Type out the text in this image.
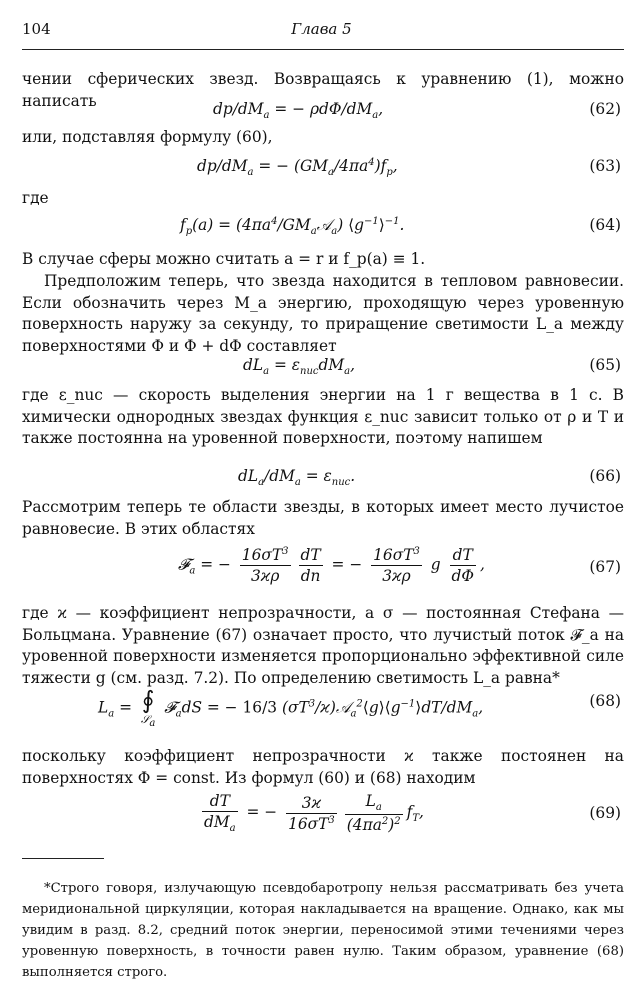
104	Глава 5
чении сферических звезд. Возвращаясь к уравнению (1), можно написать	$dp/dM_a$ = − ρdΦ/$dM_a$,	(62)
или, подставляя формулу (60),
$dp/dM_a$ = − $(GM_a/4\pi a^4)f_p$,	(63)
где
$f_p(a)$ = $(4\pi a^4/GM_a𝒜_a)$ $⟨g^{-1}⟩^{-1}$.	(64)
В случае сферы можно считать a = r и f_p(a) ≡ 1.
Предположим теперь, что звезда находится в тепловом равновесии. Если обозначить через M_a энергию, проходящую через уровенную поверхность наружу за секунду, то приращение светимости L_a между поверхностями Φ и Φ + dΦ составляет
$dL_a = \varepsilon_{nuc}dM_a$,	(65)
где ε_nuc — скорость выделения энергии на 1 г вещества в 1 с. В химически однородных звездах функция ε_nuc зависит только от ρ и T и также постоянна на уровенной поверхности, поэтому напишем
$dL_a/dM_a = \varepsilon_{nuc}$.	(66)
Рассмотрим теперь те области звезды, в которых имеет место лучистое равновесие. В этих областях
𝓕$_a$ = − $\frac{16\sigma T^3}{3ϰ\rho} \frac{dT}{dn}$ = − $\frac{16\sigma T^3}{3ϰ\rho}$ g $\frac{dT}{d\Phi}$ ,	(67)
где ϰ — коэффициент непрозрачности, а σ — постоянная Стефана — Больцмана. Уравнение (67) означает просто, что лучистый поток 𝓕_a на уровенной поверхности изменяется пропорционально эффективной силе тяжести g (см. разд. 7.2). По определению светимость L_a равна*
$L_a$ = ∮
𝒮$_a$
𝓕$_a$dS = − 16/3 $(\sigma T^3/ϰ)𝒜_a^2⟨g⟩⟨g^{-1}⟩dT/dM_a$,	(68)
поскольку коэффициент непрозрачности ϰ также постоянен на поверхностях Φ = const. Из формул (60) и (68) находим
$\frac{dT}{dM_a}$ = − $\frac{3ϰ}{16\sigma T^3} \frac{L_a}{(4\pi a^2)^2} f_T$,	(69)
*Строго говоря, излучающую псевдобаротропу нельзя рассматривать без учета меридиональной циркуляции, которая накладывается на вращение. Однако, как мы увидим в разд. 8.2, средний поток энергии, переносимой этими течениями через уровенную поверхность, в точности равен нулю. Таким образом, уравнение (68) выполняется строго.
